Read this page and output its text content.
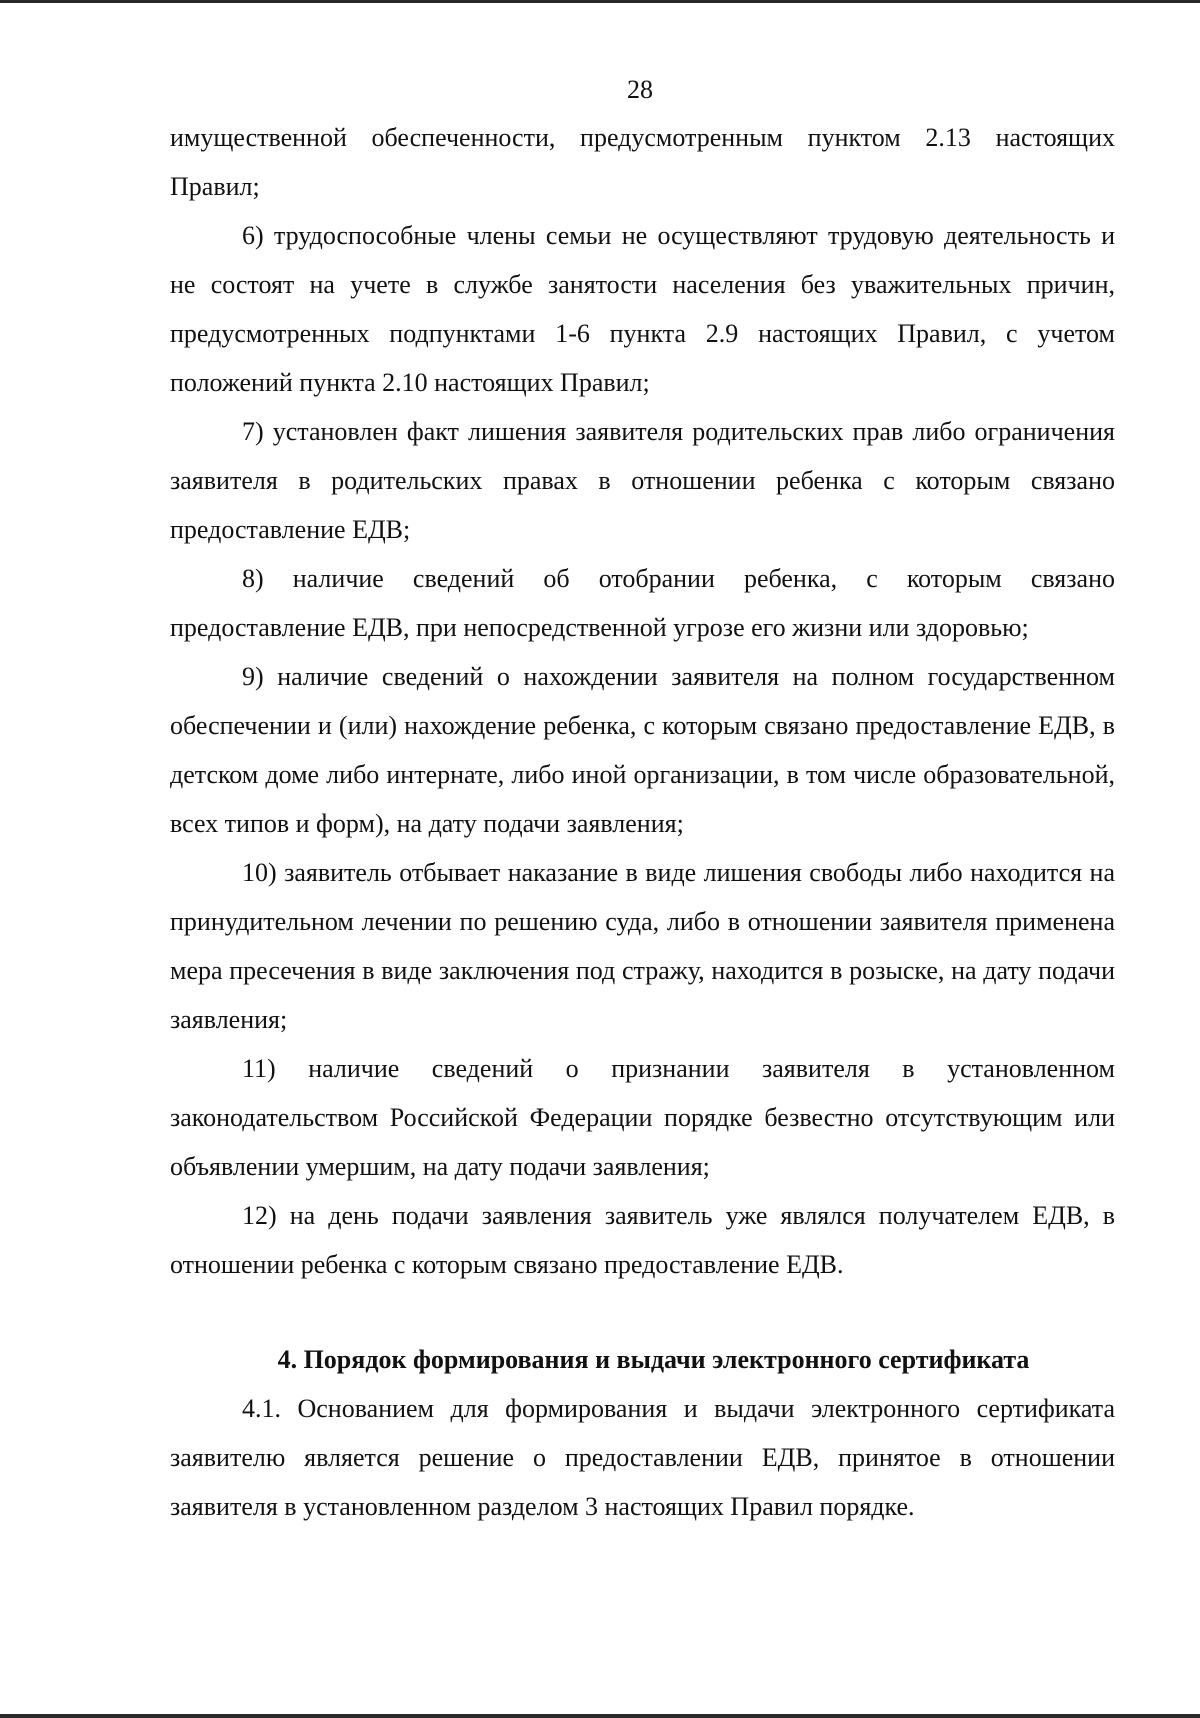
28

имущественной обеспеченности, предусмотренным пунктом 2.13 настоящих Правил;

6) трудоспособные члены семьи не осуществляют трудовую деятельность и не состоят на учете в службе занятости населения без уважительных причин, предусмотренных подпунктами 1-6 пункта 2.9 настоящих Правил, с учетом положений пункта 2.10 настоящих Правил;

7) установлен факт лишения заявителя родительских прав либо ограничения заявителя в родительских правах в отношении ребенка с которым связано предоставление ЕДВ;

8) наличие сведений об отобрании ребенка, с которым связано предоставление ЕДВ, при непосредственной угрозе его жизни или здоровью;

9) наличие сведений о нахождении заявителя на полном государственном обеспечении и (или) нахождение ребенка, с которым связано предоставление ЕДВ, в детском доме либо интернате, либо иной организации, в том числе образовательной, всех типов и форм), на дату подачи заявления;

10) заявитель отбывает наказание в виде лишения свободы либо находится на принудительном лечении по решению суда, либо в отношении заявителя применена мера пресечения в виде заключения под стражу, находится в розыске, на дату подачи заявления;

11) наличие сведений о признании заявителя в установленном законодательством Российской Федерации порядке безвестно отсутствующим или объявлении умершим, на дату подачи заявления;

12) на день подачи заявления заявитель уже являлся получателем ЕДВ, в отношении ребенка с которым связано предоставление ЕДВ.

4. Порядок формирования и выдачи электронного сертификата

4.1. Основанием для формирования и выдачи электронного сертификата заявителю является решение о предоставлении ЕДВ, принятое в отношении заявителя в установленном разделом 3 настоящих Правил порядке.
